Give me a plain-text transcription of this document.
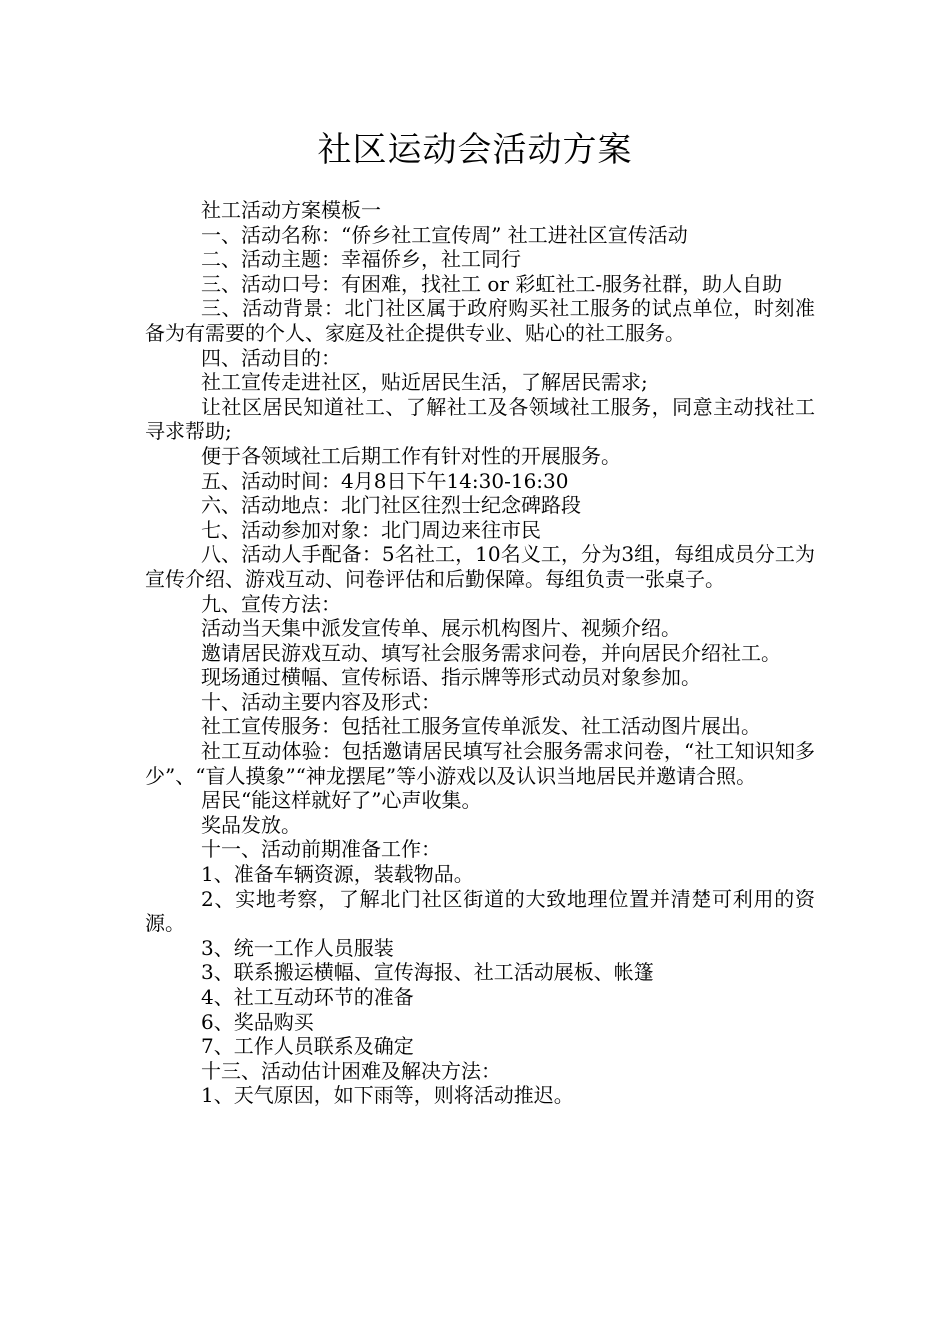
社区运动会活动方案

社工活动方案模板一

一、活动名称：“侨乡社工宣传周” 社工进社区宣传活动

二、活动主题：幸福侨乡，社工同行

三、活动口号：有困难，找社工 or 彩虹社工-服务社群，助人自助

三、活动背景：北门社区属于政府购买社工服务的试点单位，时刻准备为有需要的个人、家庭及社企提供专业、贴心的社工服务。

四、活动目的：

社工宣传走进社区，贴近居民生活，了解居民需求;

让社区居民知道社工、了解社工及各领域社工服务，同意主动找社工寻求帮助;

便于各领域社工后期工作有针对性的开展服务。

五、活动时间：4月8日下午14:30-16:30

六、活动地点：北门社区往烈士纪念碑路段

七、活动参加对象：北门周边来往市民

八、活动人手配备：5名社工，10名义工，分为3组，每组成员分工为宣传介绍、游戏互动、问卷评估和后勤保障。每组负责一张桌子。

九、宣传方法：

活动当天集中派发宣传单、展示机构图片、视频介绍。

邀请居民游戏互动、填写社会服务需求问卷，并向居民介绍社工。

现场通过横幅、宣传标语、指示牌等形式动员对象参加。

十、活动主要内容及形式：

社工宣传服务：包括社工服务宣传单派发、社工活动图片展出。

社工互动体验：包括邀请居民填写社会服务需求问卷，“社工知识知多少”、“盲人摸象”“神龙摆尾”等小游戏以及认识当地居民并邀请合照。

居民“能这样就好了”心声收集。

奖品发放。

十一、活动前期准备工作：

1、准备车辆资源，装载物品。

2、实地考察，了解北门社区街道的大致地理位置并清楚可利用的资源。

3、统一工作人员服装

3、联系搬运横幅、宣传海报、社工活动展板、帐篷

4、社工互动环节的准备

6、奖品购买

7、工作人员联系及确定

十三、活动估计困难及解决方法：

1、天气原因，如下雨等，则将活动推迟。
